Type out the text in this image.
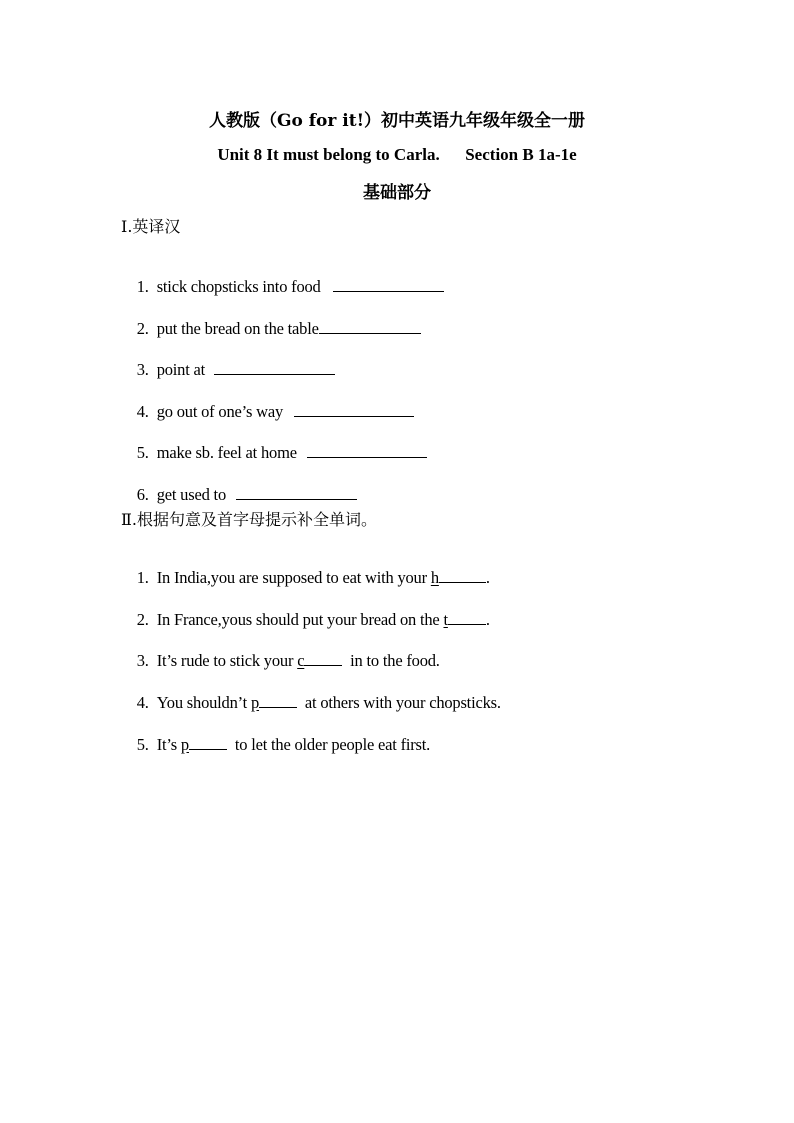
人教版（Go for it!）初中英语九年级年级全一册
Unit 8 It must belong to Carla.      Section B 1a-1e
基础部分
Ⅰ.英译汉

1. stick chopsticks into food

2. put the bread on the table

3. point at

4. go out of one’s way

5. make sb. feel at home

6. get used to

Ⅱ.根据句意及首字母提示补全单词。

1. In India,you are supposed to eat with your h	.

2. In France,yous should put your bread on the t .

3. It’s rude to stick your c  in to the food.

4. You shouldn’t p  at others with your chopsticks.

5. It’s p  to let the older people eat first.
